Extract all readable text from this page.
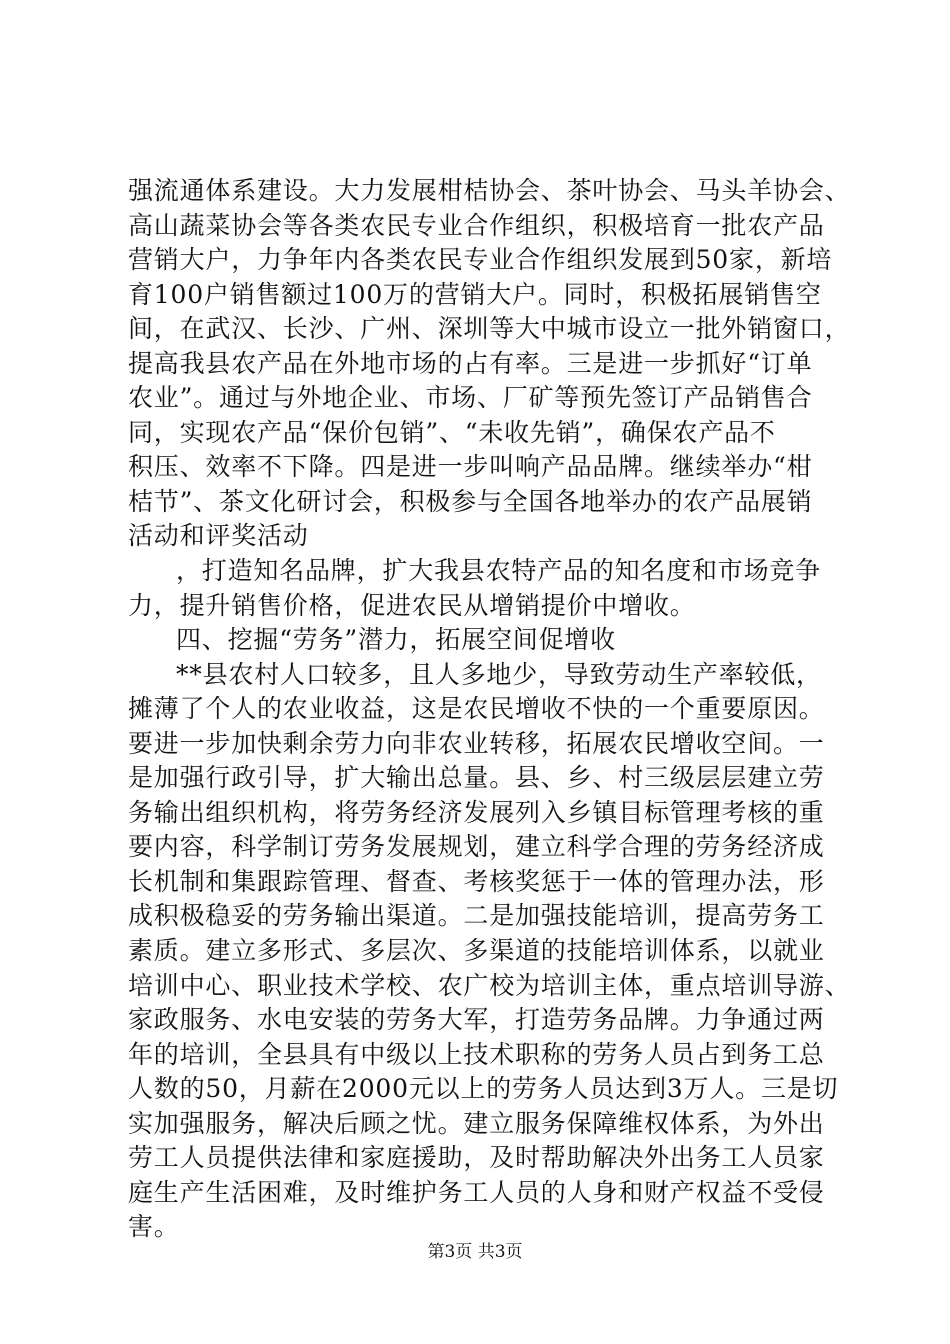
强流通体系建设。大力发展柑桔协会、茶叶协会、马头羊协会、
高山蔬菜协会等各类农民专业合作组织，积极培育一批农产品
营销大户，力争年内各类农民专业合作组织发展到50家，新培
育100户销售额过100万的营销大户。同时，积极拓展销售空
间，在武汉、长沙、广州、深圳等大中城市设立一批外销窗口，
提高我县农产品在外地市场的占有率。三是进一步抓好“订单
农业”。通过与外地企业、市场、厂矿等预先签订产品销售合
同，实现农产品“保价包销”、“未收先销”，确保农产品不
积压、效率不下降。四是进一步叫响产品品牌。继续举办“柑
桔节”、茶文化研讨会，积极参与全国各地举办的农产品展销
活动和评奖活动
，打造知名品牌，扩大我县农特产品的知名度和市场竞争
力，提升销售价格，促进农民从增销提价中增收。
四、挖掘“劳务”潜力，拓展空间促增收
**县农村人口较多，且人多地少，导致劳动生产率较低，
摊薄了个人的农业收益，这是农民增收不快的一个重要原因。
要进一步加快剩余劳力向非农业转移，拓展农民增收空间。一
是加强行政引导，扩大输出总量。县、乡、村三级层层建立劳
务输出组织机构，将劳务经济发展列入乡镇目标管理考核的重
要内容，科学制订劳务发展规划，建立科学合理的劳务经济成
长机制和集跟踪管理、督查、考核奖惩于一体的管理办法，形
成积极稳妥的劳务输出渠道。二是加强技能培训，提高劳务工
素质。建立多形式、多层次、多渠道的技能培训体系，以就业
培训中心、职业技术学校、农广校为培训主体，重点培训导游、
家政服务、水电安装的劳务大军，打造劳务品牌。力争通过两
年的培训，全县具有中级以上技术职称的劳务人员占到务工总
人数的50，月薪在2000元以上的劳务人员达到3万人。三是切
实加强服务，解决后顾之忧。建立服务保障维权体系，为外出
劳工人员提供法律和家庭援助，及时帮助解决外出务工人员家
庭生产生活困难，及时维护务工人员的人身和财产权益不受侵
害。
第3页 共3页
